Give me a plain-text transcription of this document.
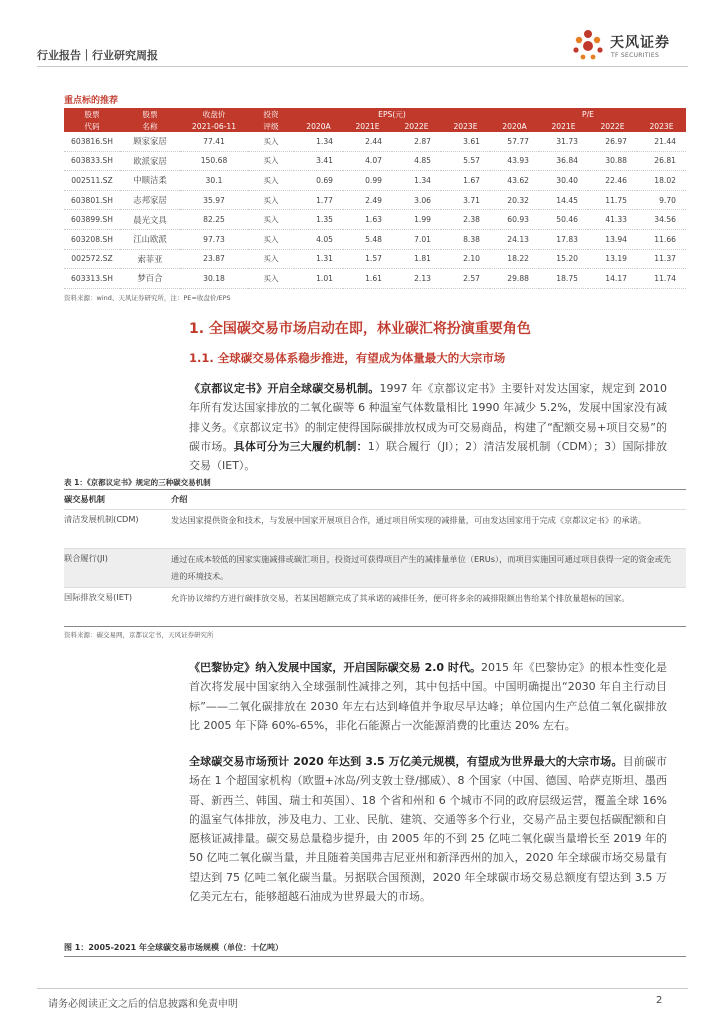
行业报告｜行业研究周报
天风证券
TF SECURITIES
重点标的推荐
股票	股票	收盘价	投资	EPS(元)				P/E			
代码	名称	2021-06-11	评级	2020A	2021E	2022E	2023E	2020A	2021E	2022E	2023E
603816.SH	顾家家居	77.41	买入	1.34	2.44	2.87	3.61	57.77	31.73	26.97	21.44
603833.SH	欧派家居	150.68	买入	3.41	4.07	4.85	5.57	43.93	36.84	30.88	26.81
002511.SZ	中顺洁柔	30.1	买入	0.69	0.99	1.34	1.67	43.62	30.40	22.46	18.02
603801.SH	志邦家居	35.97	买入	1.77	2.49	3.06	3.71	20.32	14.45	11.75	9.70
603899.SH	晨光文具	82.25	买入	1.35	1.63	1.99	2.38	60.93	50.46	41.33	34.56
603208.SH	江山欧派	97.73	买入	4.05	5.48	7.01	8.38	24.13	17.83	13.94	11.66
002572.SZ	索菲亚	23.87	买入	1.31	1.57	1.81	2.10	18.22	15.20	13.19	11.37
603313.SH	梦百合	30.18	买入	1.01	1.61	2.13	2.57	29.88	18.75	14.17	11.74
资料来源：wind、天风证券研究所，注：PE=收盘价/EPS
1. 全国碳交易市场启动在即，林业碳汇将扮演重要角色
1.1. 全球碳交易体系稳步推进，有望成为体量最大的大宗市场
《京都议定书》开启全球碳交易机制。1997 年《京都议定书》主要针对发达国家，规定到 2010 年所有发达国家排放的二氧化碳等 6 种温室气体数量相比 1990 年减少 5.2%，发展中国家没有减排义务。《京都议定书》的制定使得国际碳排放权成为可交易商品，构建了“配额交易+项目交易”的碳市场。具体可分为三大履约机制：1）联合履行（JI）；2）清洁发展机制（CDM）；3）国际排放交易（IET）。
表 1：《京都议定书》规定的三种碳交易机制
碳交易机制	介绍
清洁发展机制(CDM)	发达国家提供资金和技术，与发展中国家开展项目合作，通过项目所实现的减排量，可由发达国家用于完成《京都议定书》的承诺。
联合履行(JI)	通过在成本较低的国家实施减排或碳汇项目，投资过可获得项目产生的减排量单位（ERUs），而项目实施国可通过项目获得一定的资金或先进的环境技术。
国际排放交易(IET)	允许协议缔约方进行碳排放交易，若某国超额完成了其承诺的减排任务，便可将多余的减排限额出售给某个排放量超标的国家。
资料来源：碳交易网，京都议定书，天风证券研究所
《巴黎协定》纳入发展中国家，开启国际碳交易 2.0 时代。2015 年《巴黎协定》的根本性变化是首次将发展中国家纳入全球强制性减排之列，其中包括中国。中国明确提出“2030 年自主行动目标”——二氧化碳排放在 2030 年左右达到峰值并争取尽早达峰；单位国内生产总值二氧化碳排放比 2005 年下降 60%-65%，非化石能源占一次能源消费的比重达 20% 左右。
全球碳交易市场预计 2020 年达到 3.5 万亿美元规模，有望成为世界最大的大宗市场。目前碳市场在 1 个超国家机构（欧盟+冰岛/列支敦士登/挪威）、8 个国家（中国、德国、哈萨克斯坦、墨西哥、新西兰、韩国、瑞士和英国）、18 个省和州和 6 个城市不同的政府层级运营，覆盖全球 16%的温室气体排放，涉及电力、工业、民航、建筑、交通等多个行业，交易产品主要包括碳配额和自愿核证减排量。碳交易总量稳步提升，由 2005 年的不到 25 亿吨二氧化碳当量增长至 2019 年的 50 亿吨二氧化碳当量，并且随着美国弗吉尼亚州和新泽西州的加入，2020 年全球碳市场交易量有望达到 75 亿吨二氧化碳当量。另据联合国预测，2020 年全球碳市场交易总额度有望达到 3.5 万亿美元左右，能够超越石油成为世界最大的市场。
图 1：2005-2021 年全球碳交易市场规模（单位：十亿吨）
请务必阅读正文之后的信息披露和免责申明	2
